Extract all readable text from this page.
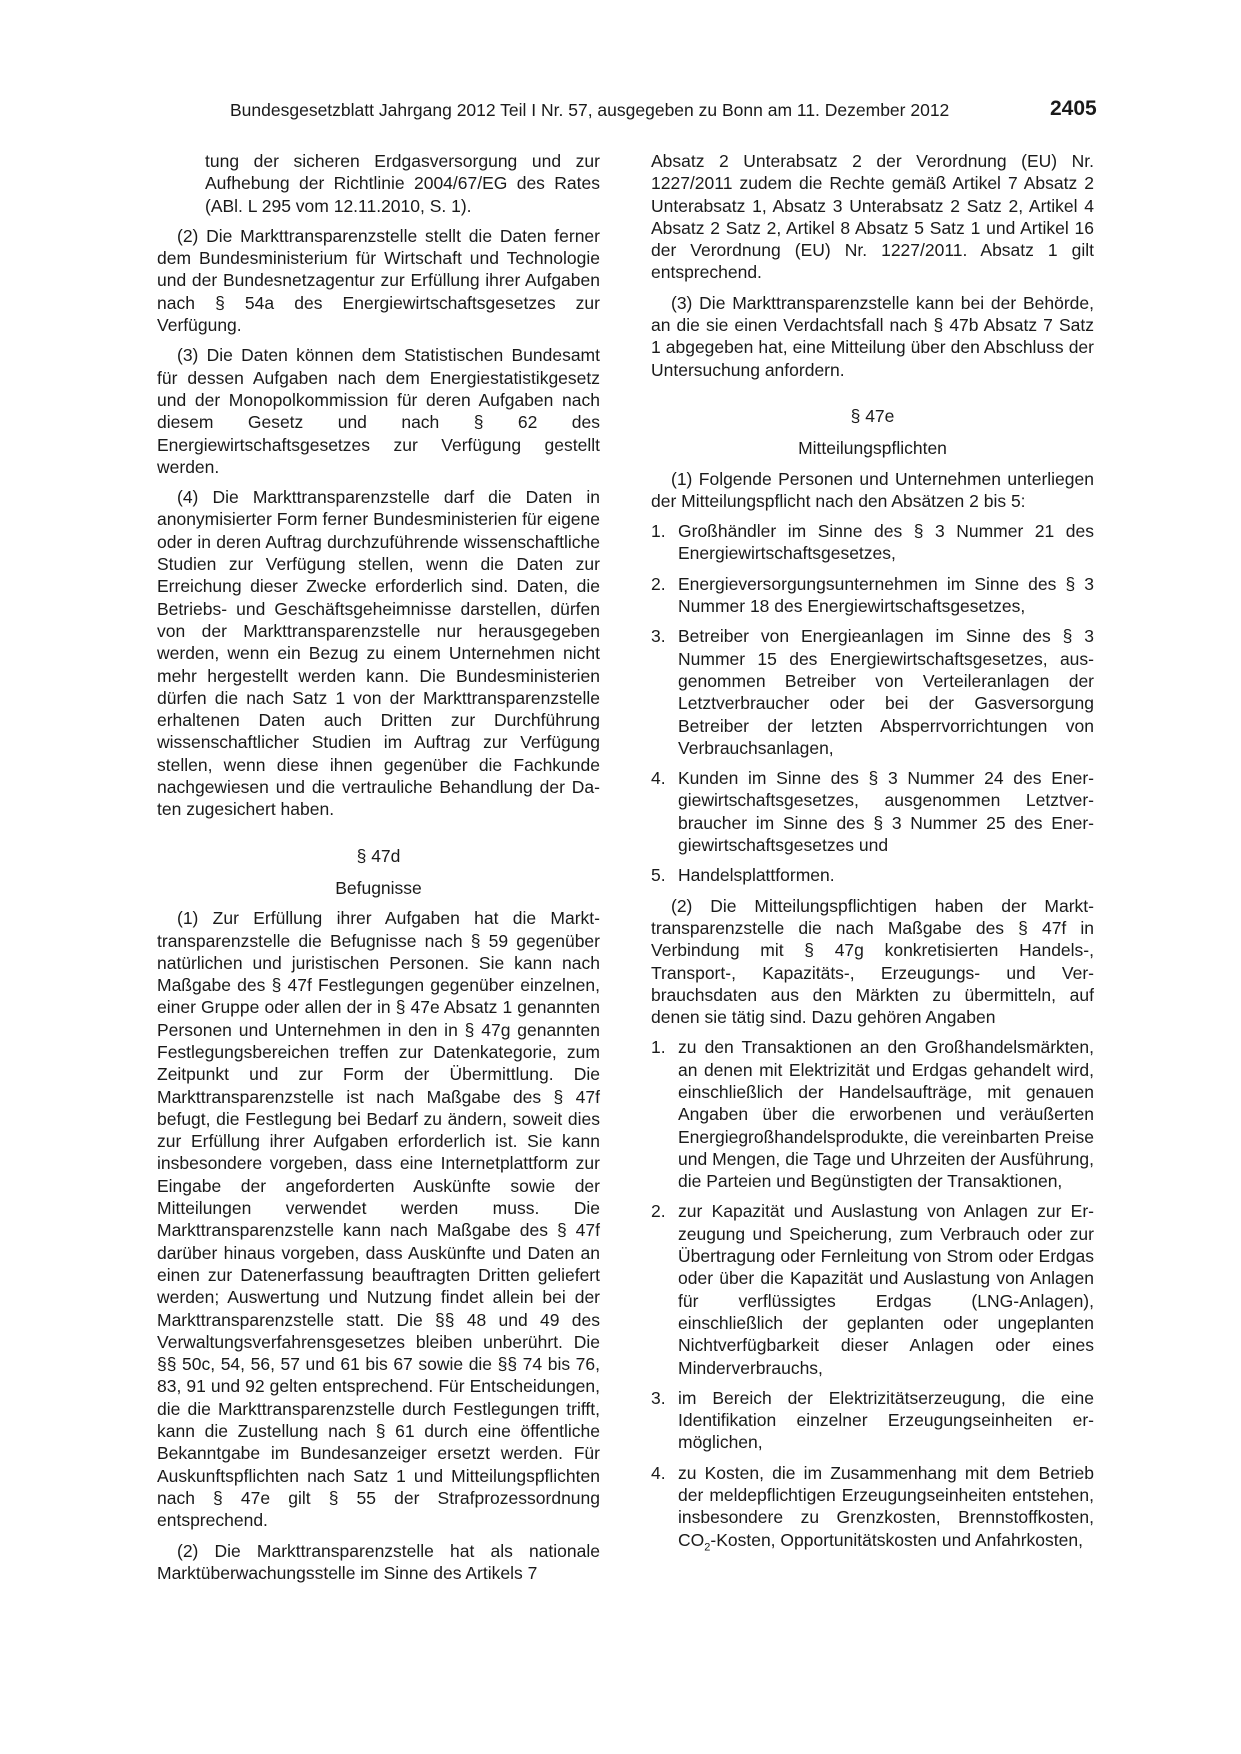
Bundesgesetzblatt Jahrgang 2012 Teil I Nr. 57, ausgegeben zu Bonn am 11. Dezember 2012	2405

tung der sicheren Erdgasversorgung und zur Aufhebung der Richtlinie 2004/67/EG des Rates (ABl. L 295 vom 12.11.2010, S. 1).

(2) Die Markttransparenzstelle stellt die Daten ferner dem Bundesministerium für Wirtschaft und Technologie und der Bundesnetzagentur zur Erfüllung ihrer Aufgaben nach § 54a des Energiewirtschaftsgesetzes zur Verfügung.

(3) Die Daten können dem Statistischen Bundesamt für dessen Aufgaben nach dem Energiestatistikgesetz und der Monopolkommission für deren Aufgaben nach diesem Gesetz und nach § 62 des Energiewirtschaftsgesetzes zur Verfügung gestellt werden.

(4) Die Markttransparenzstelle darf die Daten in anonymisierter Form ferner Bundesministerien für eigene oder in deren Auftrag durchzuführende wissenschaftliche Studien zur Verfügung stellen, wenn die Daten zur Erreichung dieser Zwecke erforderlich sind. Daten, die Betriebs- und Geschäftsgeheimnisse darstellen, dürfen von der Markttransparenzstelle nur herausgegeben werden, wenn ein Bezug zu einem Unternehmen nicht mehr hergestellt werden kann. Die Bundesministerien dürfen die nach Satz 1 von der Markttransparenzstelle erhaltenen Daten auch Dritten zur Durchführung wissenschaftlicher Studien im Auftrag zur Verfügung stellen, wenn diese ihnen gegenüber die Fachkunde nachgewiesen und die vertrauliche Behandlung der Daten zugesichert haben.

§ 47d
Befugnisse

(1) Zur Erfüllung ihrer Aufgaben hat die Markttransparenzstelle die Befugnisse nach § 59 gegenüber natürlichen und juristischen Personen. Sie kann nach Maßgabe des § 47f Festlegungen gegenüber einzelnen, einer Gruppe oder allen der in § 47e Absatz 1 genannten Personen und Unternehmen in den in § 47g genannten Festlegungsbereichen treffen zur Datenkategorie, zum Zeitpunkt und zur Form der Übermittlung. Die Markttransparenzstelle ist nach Maßgabe des § 47f befugt, die Festlegung bei Bedarf zu ändern, soweit dies zur Erfüllung ihrer Aufgaben erforderlich ist. Sie kann insbesondere vorgeben, dass eine Internetplattform zur Eingabe der angeforderten Auskünfte sowie der Mitteilungen verwendet werden muss. Die Markttransparenzstelle kann nach Maßgabe des § 47f darüber hinaus vorgeben, dass Auskünfte und Daten an einen zur Datenerfassung beauftragten Dritten geliefert werden; Auswertung und Nutzung findet allein bei der Markttransparenzstelle statt. Die §§ 48 und 49 des Verwaltungsverfahrensgesetzes bleiben unberührt. Die §§ 50c, 54, 56, 57 und 61 bis 67 sowie die §§ 74 bis 76, 83, 91 und 92 gelten entsprechend. Für Entscheidungen, die die Markttransparenzstelle durch Festlegungen trifft, kann die Zustellung nach § 61 durch eine öffentliche Bekanntgabe im Bundesanzeiger ersetzt werden. Für Auskunftspflichten nach Satz 1 und Mitteilungspflichten nach § 47e gilt § 55 der Strafprozessordnung entsprechend.

(2) Die Markttransparenzstelle hat als nationale Marktüberwachungsstelle im Sinne des Artikels 7

Absatz 2 Unterabsatz 2 der Verordnung (EU) Nr. 1227/2011 zudem die Rechte gemäß Artikel 7 Absatz 2 Unterabsatz 1, Absatz 3 Unterabsatz 2 Satz 2, Artikel 4 Absatz 2 Satz 2, Artikel 8 Absatz 5 Satz 1 und Artikel 16 der Verordnung (EU) Nr. 1227/2011. Absatz 1 gilt entsprechend.

(3) Die Markttransparenzstelle kann bei der Behörde, an die sie einen Verdachtsfall nach § 47b Absatz 7 Satz 1 abgegeben hat, eine Mitteilung über den Abschluss der Untersuchung anfordern.

§ 47e
Mitteilungspflichten

(1) Folgende Personen und Unternehmen unterliegen der Mitteilungspflicht nach den Absätzen 2 bis 5:

1. Großhändler im Sinne des § 3 Nummer 21 des Energiewirtschaftsgesetzes,
2. Energieversorgungsunternehmen im Sinne des § 3 Nummer 18 des Energiewirtschaftsgesetzes,
3. Betreiber von Energieanlagen im Sinne des § 3 Nummer 15 des Energiewirtschaftsgesetzes, ausgenommen Betreiber von Verteileranlagen der Letztverbraucher oder bei der Gasversorgung Betreiber der letzten Absperrvorrichtungen von Verbrauchsanlagen,
4. Kunden im Sinne des § 3 Nummer 24 des Energiewirtschaftsgesetzes, ausgenommen Letztverbraucher im Sinne des § 3 Nummer 25 des Energiewirtschaftsgesetzes und
5. Handelsplattformen.

(2) Die Mitteilungspflichtigen haben der Markttransparenzstelle die nach Maßgabe des § 47f in Verbindung mit § 47g konkretisierten Handels-, Transport-, Kapazitäts-, Erzeugungs- und Verbrauchsdaten aus den Märkten zu übermitteln, auf denen sie tätig sind. Dazu gehören Angaben

1. zu den Transaktionen an den Großhandelsmärkten, an denen mit Elektrizität und Erdgas gehandelt wird, einschließlich der Handelsaufträge, mit genauen Angaben über die erworbenen und veräußerten Energiegroßhandelsprodukte, die vereinbarten Preise und Mengen, die Tage und Uhrzeiten der Ausführung, die Parteien und Begünstigten der Transaktionen,
2. zur Kapazität und Auslastung von Anlagen zur Erzeugung und Speicherung, zum Verbrauch oder zur Übertragung oder Fernleitung von Strom oder Erdgas oder über die Kapazität und Auslastung von Anlagen für verflüssigtes Erdgas (LNG-Anlagen), einschließlich der geplanten oder ungeplanten Nichtverfügbarkeit dieser Anlagen oder eines Minderverbrauchs,
3. im Bereich der Elektrizitätserzeugung, die eine Identifikation einzelner Erzeugungseinheiten ermöglichen,
4. zu Kosten, die im Zusammenhang mit dem Betrieb der meldepflichtigen Erzeugungseinheiten entstehen, insbesondere zu Grenzkosten, Brennstoffkosten, $CO_2$-Kosten, Opportunitätskosten und Anfahrkosten,
